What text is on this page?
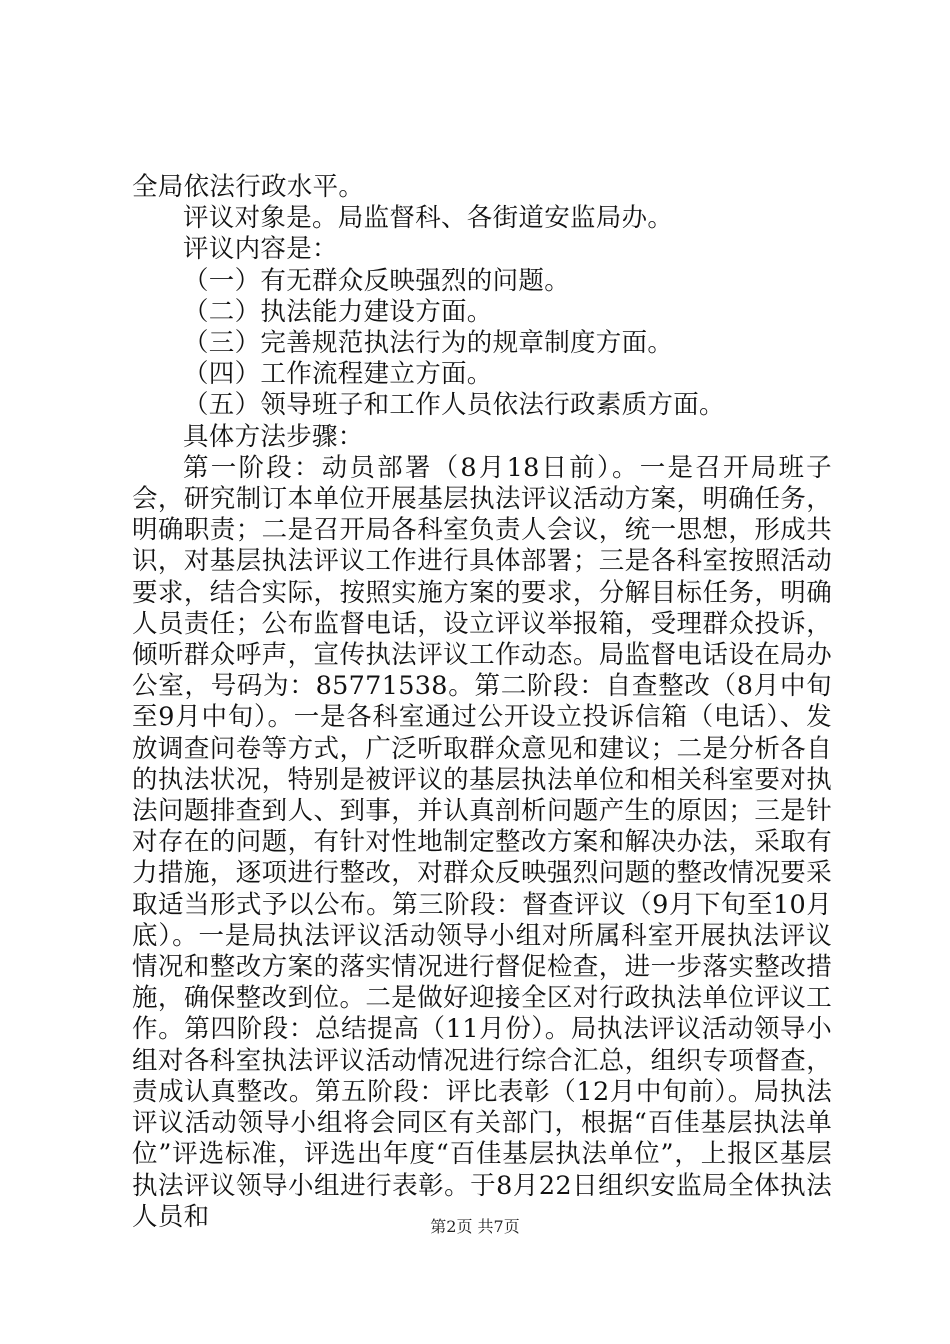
全局依法行政水平。

评议对象是。局监督科、各街道安监局办。

评议内容是：

（一）有无群众反映强烈的问题。

（二）执法能力建设方面。

（三）完善规范执法行为的规章制度方面。

（四）工作流程建立方面。

（五）领导班子和工作人员依法行政素质方面。

具体方法步骤：

第一阶段：动员部署（8月18日前）。一是召开局班子会，研究制订本单位开展基层执法评议活动方案，明确任务，明确职责；二是召开局各科室负责人会议，统一思想，形成共识，对基层执法评议工作进行具体部署；三是各科室按照活动要求，结合实际，按照实施方案的要求，分解目标任务，明确人员责任；公布监督电话，设立评议举报箱，受理群众投诉，倾听群众呼声，宣传执法评议工作动态。局监督电话设在局办公室，号码为：85771538。第二阶段：自查整改（8月中旬至9月中旬）。一是各科室通过公开设立投诉信箱（电话）、发放调查问卷等方式，广泛听取群众意见和建议；二是分析各自的执法状况，特别是被评议的基层执法单位和相关科室要对执法问题排查到人、到事，并认真剖析问题产生的原因；三是针对存在的问题，有针对性地制定整改方案和解决办法，采取有力措施，逐项进行整改，对群众反映强烈问题的整改情况要采取适当形式予以公布。第三阶段：督查评议（9月下旬至10月底）。一是局执法评议活动领导小组对所属科室开展执法评议情况和整改方案的落实情况进行督促检查，进一步落实整改措施，确保整改到位。二是做好迎接全区对行政执法单位评议工作。第四阶段：总结提高（11月份）。局执法评议活动领导小组对各科室执法评议活动情况进行综合汇总，组织专项督查，责成认真整改。第五阶段：评比表彰（12月中旬前）。局执法评议活动领导小组将会同区有关部门，根据“百佳基层执法单位”评选标准，评选出年度“百佳基层执法单位”，上报区基层执法评议领导小组进行表彰。于8月22日组织安监局全体执法人员和	第2页 共7页
